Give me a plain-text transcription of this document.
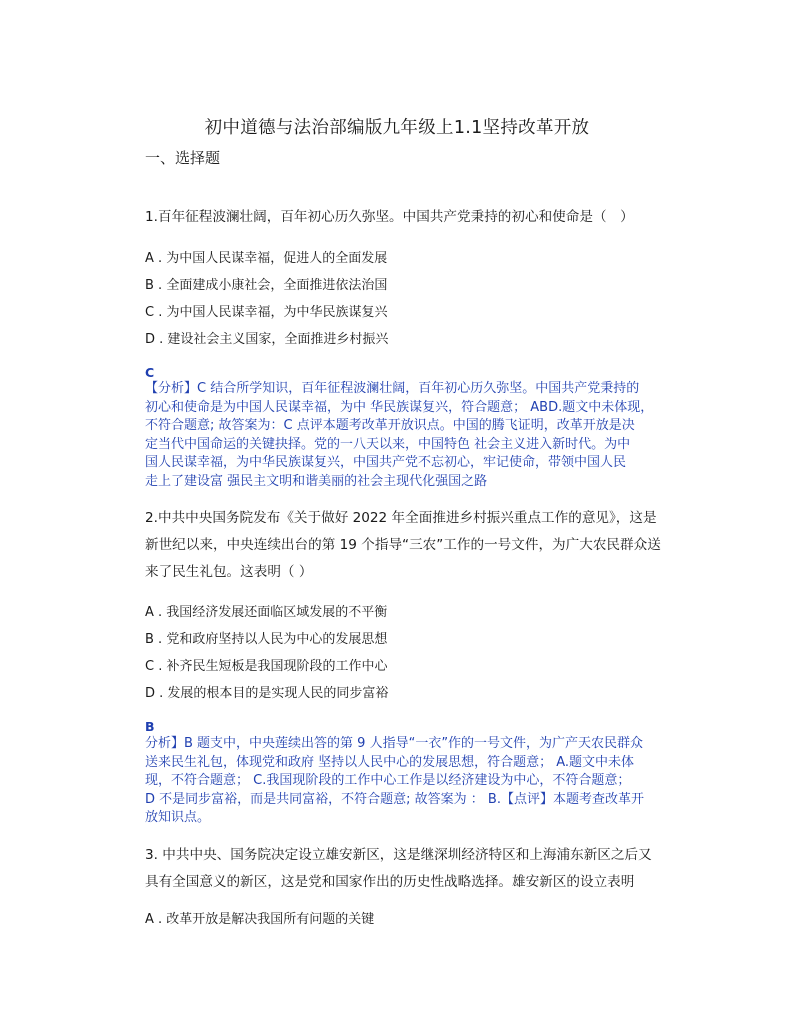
初中道德与法治部编版九年级上1.1坚持改革开放
一、选择题
1.百年征程波澜壮阔，百年初心历久弥坚。中国共产党秉持的初心和使命是（　）
A . 为中国人民谋幸福，促进人的全面发展
B . 全面建成小康社会，全面推进依法治国
C . 为中国人民谋幸福，为中华民族谋复兴
D . 建设社会主义国家，全面推进乡村振兴
C
【分析】C 结合所学知识，百年征程波澜壮阔，百年初心历久弥坚。中国共产党秉持的
初心和使命是为中国人民谋幸福，为中 华民族谋复兴，符合题意； ABD.题文中未体现，
不符合题意; 故答案为：C 点评本题考改革开放识点。中国的腾飞证明，改革开放是决
定当代中国命运的关键抉择。党的一八天以来，中国特色 社会主义进入新时代。为中
国人民谋幸福，为中华民族谋复兴，中国共产党不忘初心，牢记使命，带领中国人民
走上了建设富 强民主文明和谐美丽的社会主现代化强国之路
2.中共中央国务院发布《关于做好 2022 年全面推进乡村振兴重点工作的意见》，这是
新世纪以来，中央连续出台的第 19 个指导“三农”工作的一号文件，为广大农民群众送
来了民生礼包。这表明（ ）
A . 我国经济发展还面临区域发展的不平衡
B . 党和政府坚持以人民为中心的发展思想
C . 补齐民生短板是我国现阶段的工作中心
D . 发展的根本目的是实现人民的同步富裕
B
分析】B 题支中，中央莲续出答的第 9 人指导“一衣”作的一号文件，为广产天农民群众
送来民生礼包，体现党和政府 坚持以人民中心的发展思想，符合题意； A.题文中未体
现，不符合题意； C.我国现阶段的工作中心工作是以经济建设为中心，不符合题意；
D 不是同步富裕，而是共同富裕，不符合题意; 故答案为 ： B.【点评】本题考查改革开
放知识点。
3. 中共中央、国务院决定设立雄安新区，这是继深圳经济特区和上海浦东新区之后又
具有全国意义的新区，这是党和国家作出的历史性战略选择。雄安新区的设立表明
A . 改革开放是解决我国所有问题的关键
